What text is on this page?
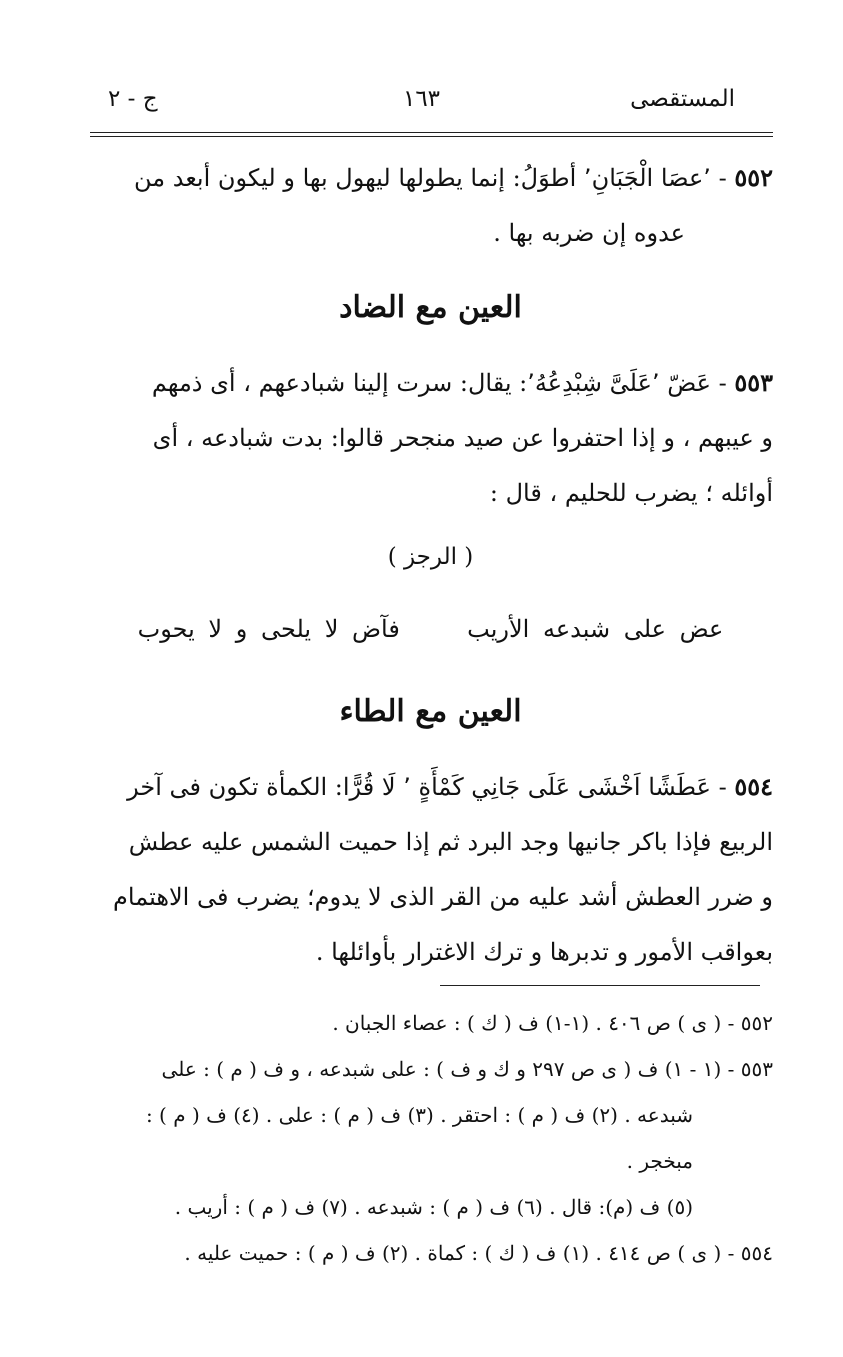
المستقصى
١٦٣
ج - ٢

٥٥٢ - ٬عصَا الْجَبَانِ٬ أطوَلُ: إنما يطولها ليهول بها و ليكون أبعد من

عدوه إن ضربه بها .

العين مع الضاد

٥٥٣ - عَضّ ٬عَلَىَّ شِبْدِعُهُ٬: يقال: سرت إلينا شبادعهم ، أى ذمهم

و عيبهم ، و إذا احتفروا عن صيد منجحر قالوا: بدت شبادعه ، أى

أوائله ؛ يضرب للحليم ، قال :

( الرجز )
عض على شبدعه الأريب  فآض لا يلحى و لا يحوب
العين مع الطاء

٥٥٤ - عَطَشًا اَخْشَى عَلَى جَانِي كَمْأَةٍ ٬ لَا قُرًّا: الكمأة تكون فى آخر

الربيع فإذا باكر جانيها وجد البرد ثم إذا حميت الشمس عليه عطش

و ضرر العطش أشد عليه من القر الذى لا يدوم؛ يضرب فى الاهتمام

بعواقب الأمور و تدبرها و ترك الاغترار بأوائلها .

٥٥٢ - ( ى ) ص ٤٠٦ . (١-١) ف ( ك ) : عصاء الجبان .

٥٥٣ - (١ - ١) ف ( ى ص ٢٩٧ و ك و ف ) : على شبدعه ، و ف ( م ) : على

شبدعه . (٢) ف ( م ) : احتقر . (٣) ف ( م ) : على . (٤) ف ( م ) : مبخجر .

(٥) ف (م): قال . (٦) ف ( م ) : شبدعه . (٧) ف ( م ) : أريب .

٥٥٤ - ( ى ) ص ٤١٤ . (١) ف ( ك ) : كماة . (٢) ف ( م ) : حميت عليه .
